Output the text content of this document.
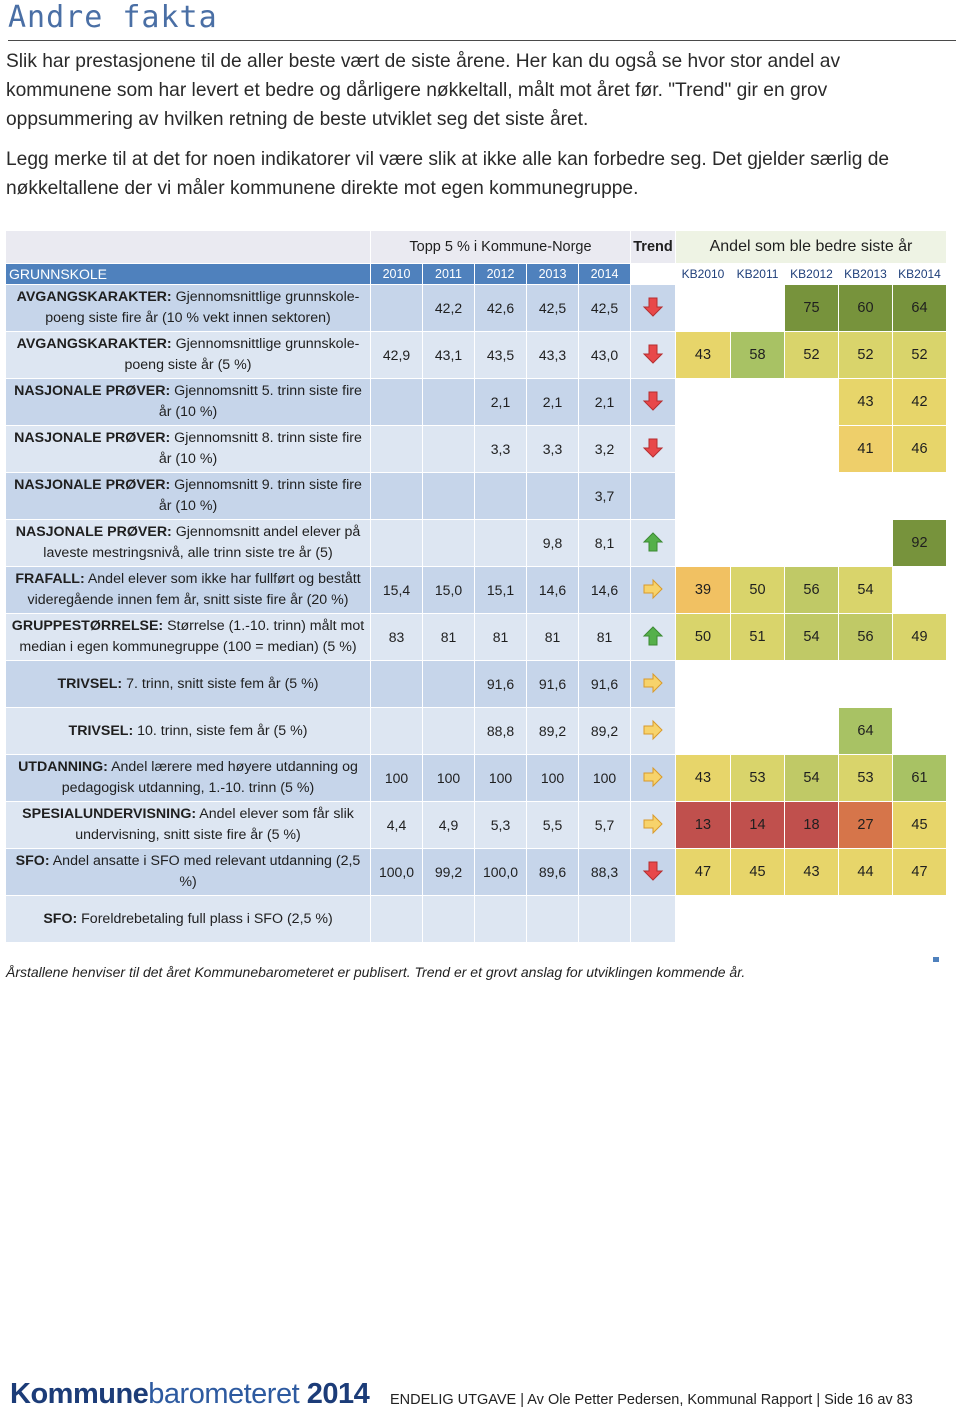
Andre fakta
Slik har prestasjonene til de aller beste vært de siste årene. Her kan du også se hvor stor andel av kommunene som har levert et bedre og dårligere nøkkeltall, målt mot året før. "Trend" gir en grov oppsummering av hvilken retning de beste utviklet seg det siste året.
Legg merke til at det for noen indikatorer vil være slik at ikke alle kan forbedre seg. Det gjelder særlig de nøkkeltallene der vi måler kommunene direkte mot egen kommunegruppe.
	Topp 5 % i Kommune-Norge					Trend	Andel som ble bedre siste år				
GRUNNSKOLE	2010	2011	2012	2013	2014		KB2010	KB2011	KB2012	KB2013	KB2014
AVGANGSKARAKTER: Gjennomsnittlige grunnskole-poeng siste fire år (10 % vekt innen sektoren)		42,2	42,6	42,5	42,5				75	60	64
AVGANGSKARAKTER: Gjennomsnittlige grunnskole-poeng siste år (5 %)	42,9	43,1	43,5	43,3	43,0		43	58	52	52	52
NASJONALE PRØVER: Gjennomsnitt 5. trinn siste fire år (10 %)			2,1	2,1	2,1					43	42
NASJONALE PRØVER: Gjennomsnitt 8. trinn siste fire år (10 %)			3,3	3,3	3,2					41	46
NASJONALE PRØVER: Gjennomsnitt 9. trinn siste fire år (10 %)					3,7						
NASJONALE PRØVER: Gjennomsnitt andel elever på laveste mestringsnivå, alle trinn siste tre år (5)				9,8	8,1						92
FRAFALL: Andel elever som ikke har fullført og bestått videregående innen fem år, snitt siste fire år (20 %)	15,4	15,0	15,1	14,6	14,6		39	50	56	54	
GRUPPESTØRRELSE: Størrelse (1.-10. trinn) målt mot median i egen kommunegruppe (100 = median) (5 %)	83	81	81	81	81		50	51	54	56	49
TRIVSEL: 7. trinn, snitt siste fem år (5 %)			91,6	91,6	91,6						
TRIVSEL: 10. trinn, siste fem år (5 %)			88,8	89,2	89,2					64	
UTDANNING: Andel lærere med høyere utdanning og pedagogisk utdanning, 1.-10. trinn (5 %)	100	100	100	100	100		43	53	54	53	61
SPESIALUNDERVISNING: Andel elever som får slik undervisning, snitt siste fire år (5 %)	4,4	4,9	5,3	5,5	5,7		13	14	18	27	45
SFO: Andel ansatte i SFO med relevant utdanning (2,5 %)	100,0	99,2	100,0	89,6	88,3		47	45	43	44	47
SFO: Foreldrebetaling full plass i SFO (2,5 %)											
Årstallene henviser til det året Kommunebarometeret er publisert. Trend er et grovt anslag for utviklingen kommende år.
Kommunebarometeret 2014 ENDELIG UTGAVE | Av Ole Petter Pedersen, Kommunal Rapport | Side 16 av 83
